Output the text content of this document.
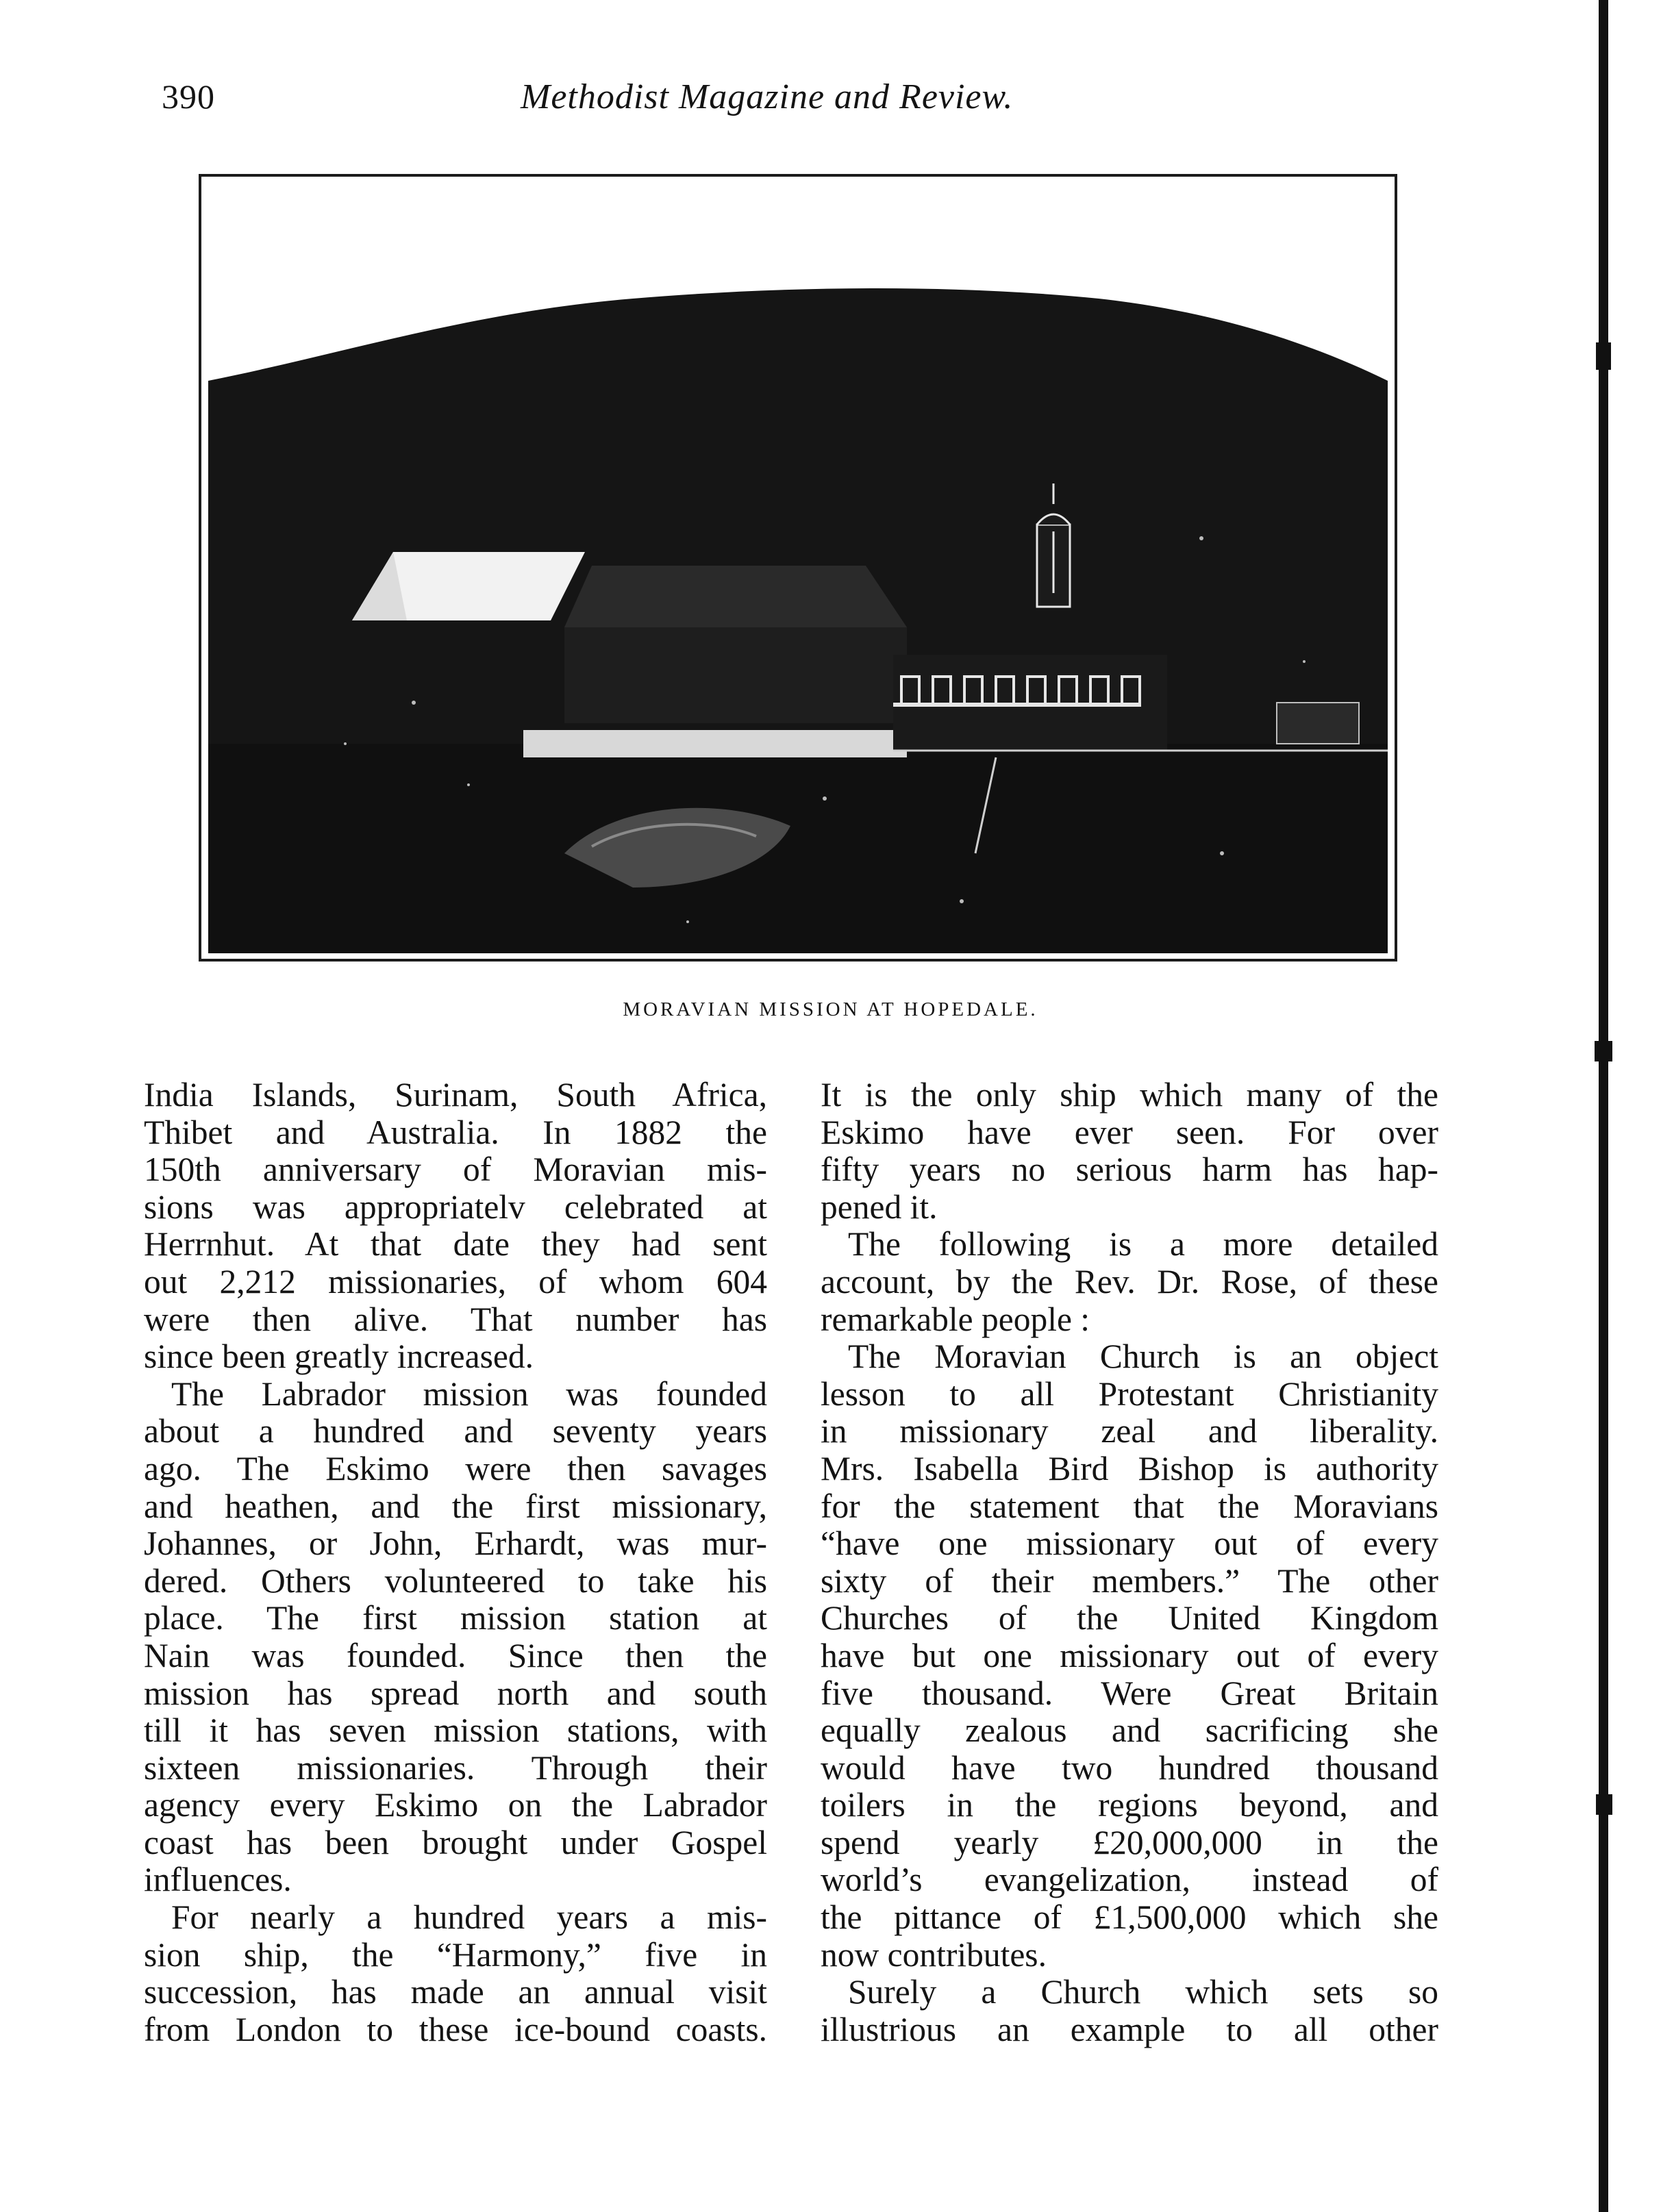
390	Methodist Magazine and Review.
MORAVIAN MISSION AT HOPEDALE.
India Islands, Surinam, South Africa,
Thibet and Australia. In 1882 the
150th anniversary of Moravian mis-
sions was appropriatelv celebrated at
Herrnhut. At that date they had sent
out 2,212 missionaries, of whom 604
were then alive. That number has
since been greatly increased.
The Labrador mission was founded
about a hundred and seventy years
ago. The Eskimo were then savages
and heathen, and the first missionary,
Johannes, or John, Erhardt, was mur-
dered. Others volunteered to take his
place. The first mission station at
Nain was founded. Since then the
mission has spread north and south
till it has seven mission stations, with
sixteen missionaries. Through their
agency every Eskimo on the Labrador
coast has been brought under Gospel
influences.
For nearly a hundred years a mis-
sion ship, the “Harmony,” five in
succession, has made an annual visit
from London to these ice-bound coasts.
It is the only ship which many of the
Eskimo have ever seen. For over
fifty years no serious harm has hap-
pened it.
The following is a more detailed
account, by the Rev. Dr. Rose, of these
remarkable people :
The Moravian Church is an object
lesson to all Protestant Christianity
in missionary zeal and liberality.
Mrs. Isabella Bird Bishop is authority
for the statement that the Moravians
“have one missionary out of every
sixty of their members.” The other
Churches of the United Kingdom
have but one missionary out of every
five thousand. Were Great Britain
equally zealous and sacrificing she
would have two hundred thousand
toilers in the regions beyond, and
spend yearly £20,000,000 in the
world’s evangelization, instead of
the pittance of £1,500,000 which she
now contributes.
Surely a Church which sets so
illustrious an example to all other
